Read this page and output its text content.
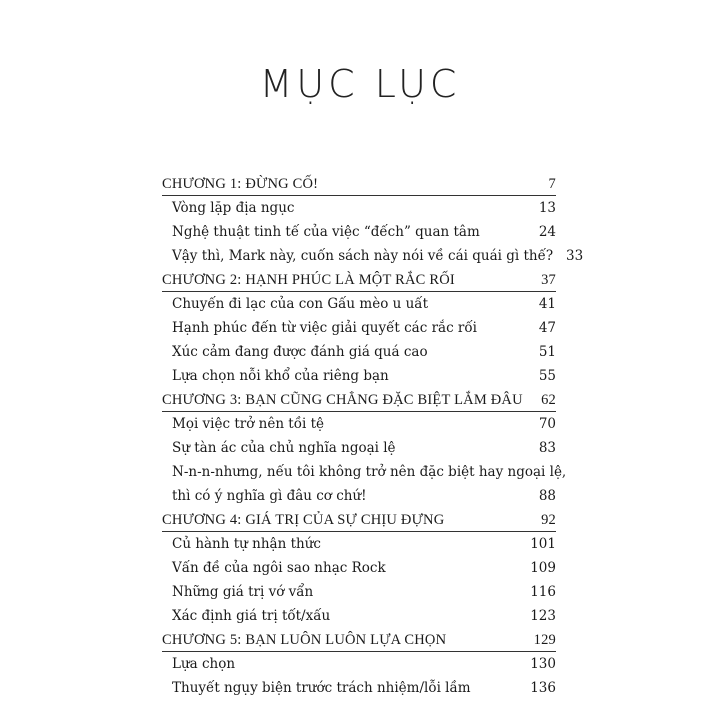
MỤC LỤC
CHƯƠNG 1: ĐỪNG CỐ!	7
Vòng lặp địa ngục	13
Nghệ thuật tinh tế của việc “đếch” quan tâm	24
Vậy thì, Mark này, cuốn sách này nói về cái quái gì thế? 33
CHƯƠNG 2: HẠNH PHÚC LÀ MỘT RẮC RỐI	37
Chuyến đi lạc của con Gấu mèo u uất	41
Hạnh phúc đến từ việc giải quyết các rắc rối	47
Xúc cảm đang được đánh giá quá cao	51
Lựa chọn nỗi khổ của riêng bạn	55
CHƯƠNG 3: BẠN CŨNG CHẲNG ĐẶC BIỆT LẮM ĐÂU	62
Mọi việc trở nên tồi tệ	70
Sự tàn ác của chủ nghĩa ngoại lệ	83
N-n-n-nhưng, nếu tôi không trở nên đặc biệt hay ngoại lệ,
thì có ý nghĩa gì đâu cơ chứ!	88
CHƯƠNG 4: GIÁ TRỊ CỦA SỰ CHỊU ĐỰNG	92
Củ hành tự nhận thức	101
Vấn đề của ngôi sao nhạc Rock	109
Những giá trị vớ vẩn	116
Xác định giá trị tốt/xấu	123
CHƯƠNG 5: BẠN LUÔN LUÔN LỰA CHỌN	129
Lựa chọn	130
Thuyết ngụy biện trước trách nhiệm/lỗi lầm	136
